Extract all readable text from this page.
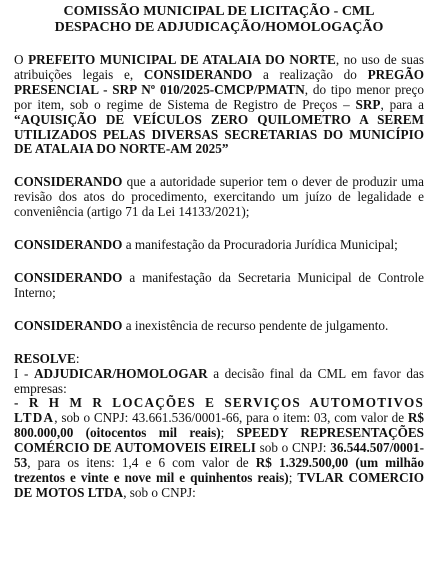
COMISSÃO MUNICIPAL DE LICITAÇÃO - CML

DESPACHO DE ADJUDICAÇÃO/HOMOLOGAÇÃO

O PREFEITO MUNICIPAL DE ATALAIA DO NORTE, no uso de suas atribuições legais e, CONSIDERANDO a realização do PREGÃO PRESENCIAL - SRP Nº 010/2025-CMCP/PMATN, do tipo menor preço por item, sob o regime de Sistema de Registro de Preços – SRP, para a “AQUISIÇÃO DE VEÍCULOS ZERO QUILOMETRO A SEREM UTILIZADOS PELAS DIVERSAS SECRETARIAS DO MUNICÍPIO DE ATALAIA DO NORTE-AM 2025”

CONSIDERANDO que a autoridade superior tem o dever de produzir uma revisão dos atos do procedimento, exercitando um juízo de legalidade e conveniência (artigo 71 da Lei 14133/2021);

CONSIDERANDO a manifestação da Procuradoria Jurídica Municipal;

CONSIDERANDO a manifestação da Secretaria Municipal de Controle Interno;

CONSIDERANDO a inexistência de recurso pendente de julgamento.

RESOLVE:

I - ADJUDICAR/HOMOLOGAR a decisão final da CML em favor das empresas:

- R H M R LOCAÇÕES E SERVIÇOS AUTOMOTIVOS LTDA, sob o CNPJ: 43.661.536/0001-66, para o item: 03, com valor de R$ 800.000,00 (oitocentos mil reais); SPEEDY REPRESENTAÇÕES COMÉRCIO DE AUTOMOVEIS EIRELI sob o CNPJ: 36.544.507/0001-53, para os itens: 1,4 e 6 com valor de R$ 1.329.500,00 (um milhão trezentos e vinte e nove mil e quinhentos reais); TVLAR COMERCIO DE MOTOS LTDA, sob o CNPJ:
